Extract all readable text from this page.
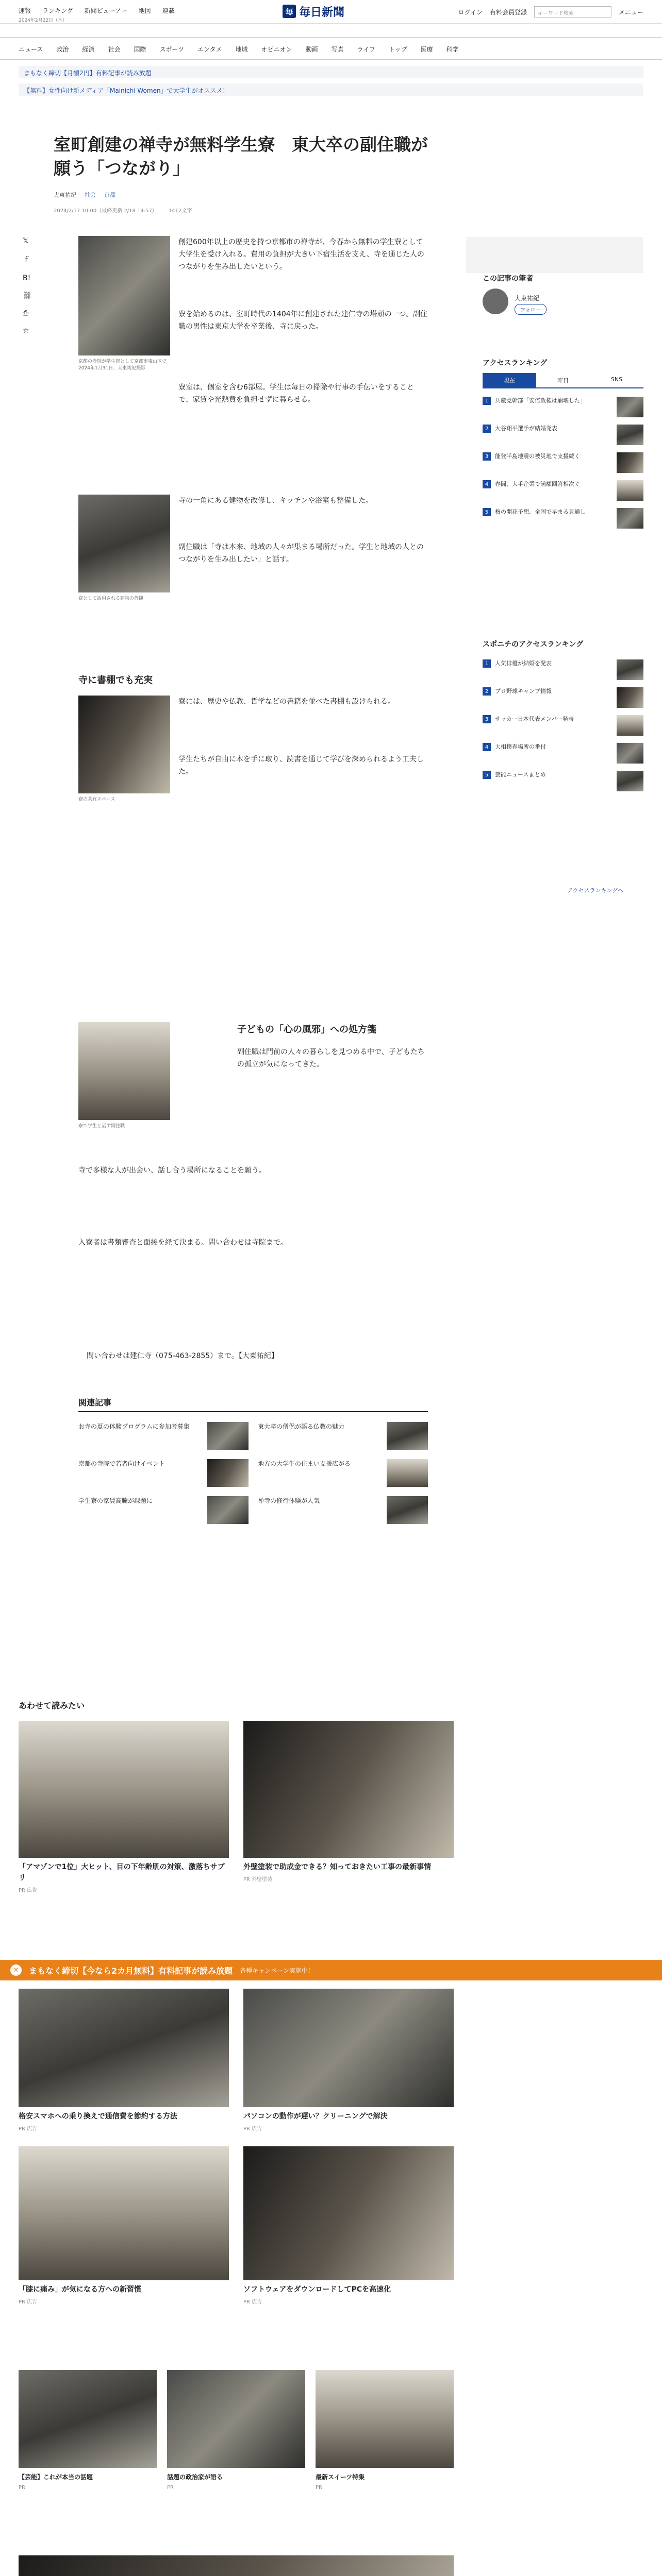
速報 ランキング 新聞ビューアー 地図 連載
2024年2月22日（木）
毎 毎日新聞	ログイン 有料会員登録	キーワード検索	メニュー
ニュース 政治 経済 社会 国際 スポーツ エンタメ 地域 オピニオン 動画 写真 ライフ トップ 医療 科学
まもなく締切【月額2円】有料記事が読み放題
【無料】女性向け新メディア「Mainichi Women」で大学生がオススメ！
室町創建の禅寺が無料学生寮　東大卒の副住職が願う「つながり」
大東祐紀 社会 京都
2024/2/17 10:00（最終更新 2/18 14:57） 1412文字
𝕏
ｆ
B!
⛓
⎙
☆
京都の寺院が学生寮として京都市東山区で2024年1月31日、大東祐紀撮影
創建600年以上の歴史を持つ京都市の禅寺が、今春から無料の学生寮として大学生を受け入れる。費用の負担が大きい下宿生活を支え、寺を通じた人のつながりを生み出したいという。
寮を始めるのは、室町時代の1404年に創建された建仁寺の塔頭の一つ。副住職の男性は東京大学を卒業後、寺に戻った。
寮室は、個室を含む6部屋。学生は毎日の掃除や行事の手伝いをすることで、家賃や光熱費を負担せずに暮らせる。
寮として活用される建物の外観
寺の一角にある建物を改修し、キッチンや浴室も整備した。
副住職は「寺は本来、地域の人々が集まる場所だった。学生と地域の人とのつながりを生み出したい」と話す。
寺に書棚でも充実
寮の共有スペース
寮には、歴史や仏教、哲学などの書籍を並べた書棚も設けられる。
学生たちが自由に本を手に取り、読書を通じて学びを深められるよう工夫した。
子どもの「心の風邪」への処方箋
寮で学生と話す副住職
副住職は門前の人々の暮らしを見つめる中で、子どもたちの孤立が気になってきた。
寺で多様な人が出会い、話し合う場所になることを願う。
入寮者は書類審査と面接を経て決まる。問い合わせは寺院まで。
問い合わせは建仁寺（075-463-2855）まで。【大東祐紀】
この記事の筆者
大東祐紀
フォロー
アクセスランキング
現在	昨日	SNS
1	共産党幹部「安倍政権は崩壊した」
2	大谷翔平選手が結婚発表
3	能登半島地震の被災地で支援続く
4	春闘、大手企業で満額回答相次ぐ
5	桜の開花予想、全国で早まる見通し
スポニチのアクセスランキング
1	人気俳優が結婚を発表
2	プロ野球キャンプ情報
3	サッカー日本代表メンバー発表
4	大相撲春場所の番付
5	芸能ニュースまとめ
アクセスランキングへ
関連記事
お寺の夏の体験プログラムに参加者募集	東大卒の僧侶が語る仏教の魅力
京都の寺院で若者向けイベント	地方の大学生の住まい支援広がる
学生寮の家賃高騰が課題に	禅寺の修行体験が人気
あわせて読みたい
「アマゾンで1位」大ヒット、目の下年齢肌の対策、激落ちサプリ
PR 広告
外壁塗装で助成金できる？知っておきたい工事の最新事情
PR 外壁塗装
✕	まもなく締切【今なら2カ月無料】有料記事が読み放題 各種キャンペーン実施中！
格安スマホへの乗り換えで通信費を節約する方法
PR 広告
パソコンの動作が遅い？クリーニングで解決
PR 広告
「膝に痛み」が気になる方への新習慣
PR 広告
ソフトウェアをダウンロードしてPCを高速化
PR 広告
【芸能】これが本当の話題
PR
話題の政治家が語る
PR
最新スイーツ特集
PR
